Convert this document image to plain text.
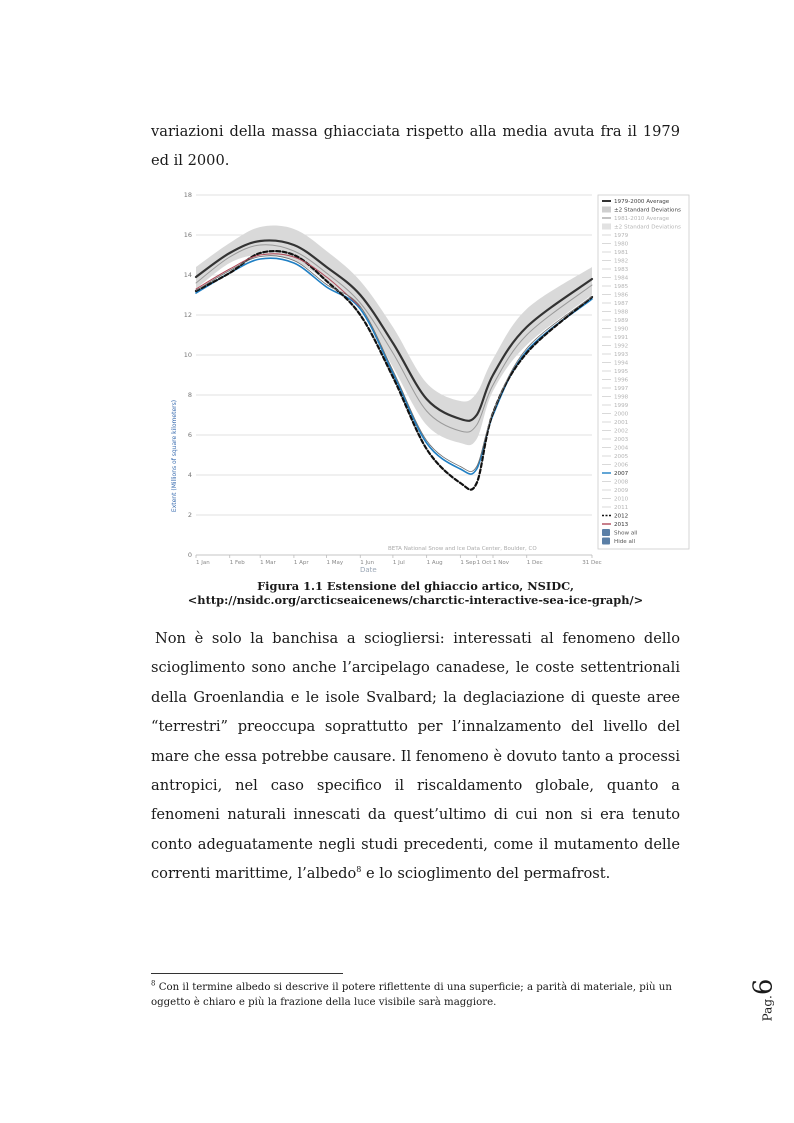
variazioni della massa ghiacciata rispetto alla media avuta fra il 1979 ed il 2000.

0
2
4
6
8
10
12
14
16
18
1 Jan	1 Feb	1 Mar	1 Apr	1 May	1 Jun	1 Jul	1 Aug	1 Sep 1 Oct 1 Nov	1 Dec	31 Dec
BETA National Snow and Ice Data Center, Boulder, CO
Date
Extent (Millions of square kilometers)
1979-2000 Average
±2 Standard Deviations
1981-2010 Average
±2 Standard Deviations
1979
1980
1981
1982
1983
1984
1985
1986
1987
1988
1989
1990
1991
1992
1993
1994
1995
1996
1997
1998
1999
2000
2001
2002
2003
2004
2005
2006
2007
2008
2009
2010
2011
2012
2013
Show all
Hide all
Figura 1.1 Estensione del ghiaccio artico, NSIDC,
<http://nsidc.org/arcticseaicenews/charctic-interactive-sea-ice-graph/>

Non è solo la banchisa a sciogliersi: interessati al fenomeno dello scioglimento sono anche l’arcipelago canadese, le coste settentrionali della Groenlandia e le isole Svalbard; la deglaciazione di queste aree “terrestri” preoccupa soprattutto per l’innalzamento del livello del mare che essa potrebbe causare. Il fenomeno è dovuto tanto a processi antropici, nel caso specifico il riscaldamento globale, quanto a fenomeni naturali innescati da quest’ultimo di cui non si era tenuto conto adeguatamente negli studi precedenti, come il mutamento delle correnti marittime, l’albedo$^8$ e lo scioglimento del permafrost.

$^8$ Con il termine albedo si descrive il potere riflettente di una superficie; a parità di materiale, più un oggetto è chiaro e più la frazione della luce visibile sarà maggiore.	Pag.6
